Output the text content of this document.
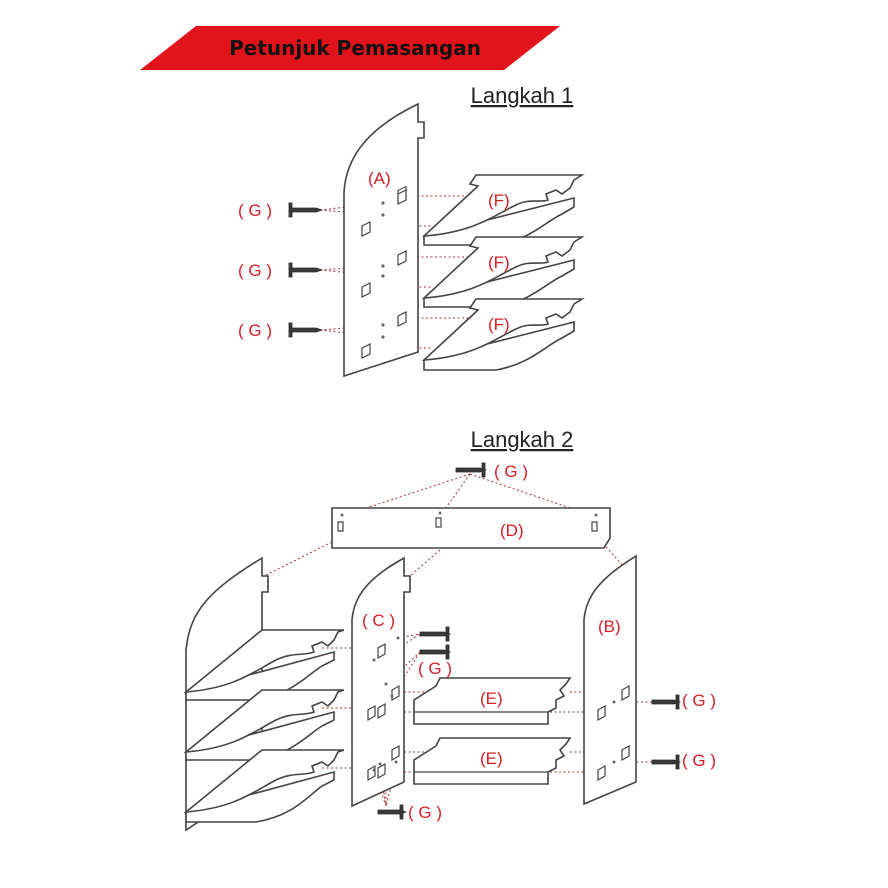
Petunjuk Pemasangan
Langkah 1
(A)
(F)
(F)
(F)
( G )
( G )
( G )
Langkah 2
(D)
( G )
( C )
(E)
(E)
(B)
( G )
( G )
( G )
( G )
